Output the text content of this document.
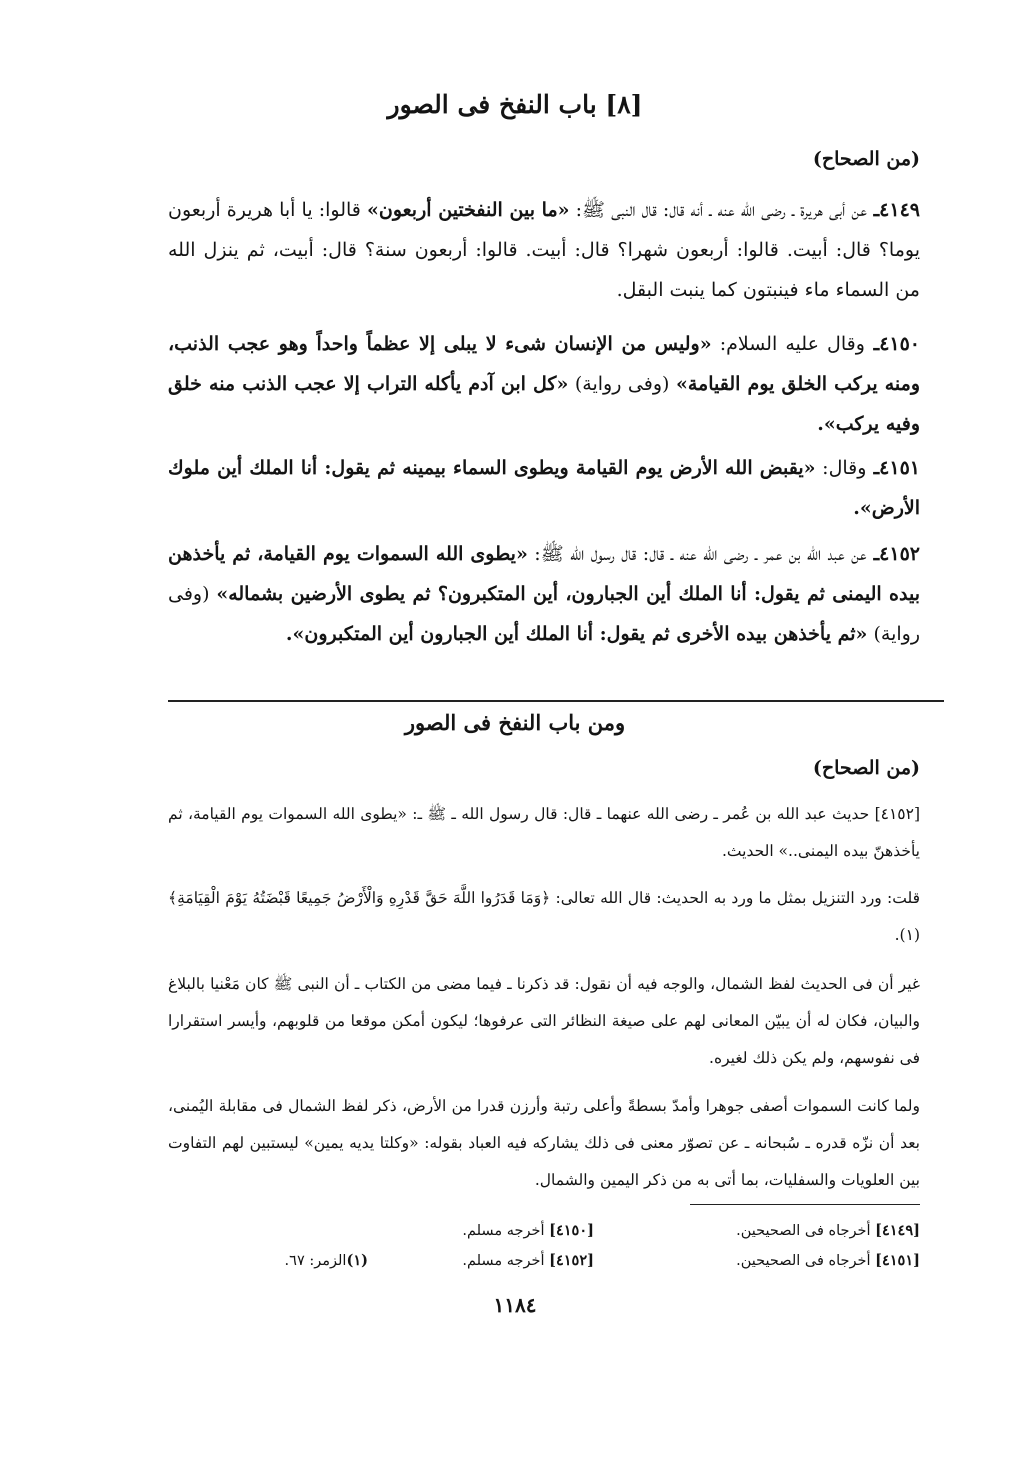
[٨] باب النفخ فى الصور
(من الصحاح)
٤١٤٩ـ عن أبى هريرة ـ رضى الله عنه ـ أنه قال: قال النبى ﷺ: «ما بين النفختين أربعون» قالوا: يا أبا هريرة أربعون يوما؟ قال: أبيت. قالوا: أربعون شهرا؟ قال: أبيت. قالوا: أربعون سنة؟ قال: أبيت، ثم ينزل الله من السماء ماء فينبتون كما ينبت البقل.
٤١٥٠ـ وقال عليه السلام: «وليس من الإنسان شىء لا يبلى إلا عظماً واحداً وهو عجب الذنب، ومنه يركب الخلق يوم القيامة» (وفى رواية) «كل ابن آدم يأكله التراب إلا عجب الذنب منه خلق وفيه يركب».
٤١٥١ـ وقال: «يقبض الله الأرض يوم القيامة ويطوى السماء بيمينه ثم يقول: أنا الملك أين ملوك الأرض».
٤١٥٢ـ عن عبد الله بن عمر ـ رضى الله عنه ـ قال: قال رسول الله ﷺ: «يطوى الله السموات يوم القيامة، ثم يأخذهن بيده اليمنى ثم يقول: أنا الملك أين الجبارون، أين المتكبرون؟ ثم يطوى الأرضين بشماله» (وفى رواية) «ثم يأخذهن بيده الأخرى ثم يقول: أنا الملك أين الجبارون أين المتكبرون».
ومن باب النفخ فى الصور
(من الصحاح)
[٤١٥٢] حديث عبد الله بن عُمر ـ رضى الله عنهما ـ قال: قال رسول الله ـ ﷺ ـ: «يطوى الله السموات يوم القيامة، ثم يأخذهنّ بيده اليمنى..» الحديث.
قلت: ورد التنزيل بمثل ما ورد به الحديث: قال الله تعالى: ﴿وَمَا قَدَرُوا اللَّهَ حَقَّ قَدْرِهِ وَالْأَرْضُ جَمِيعًا قَبْضَتُهُ يَوْمَ الْقِيَامَةِ﴾(١).
غير أن فى الحديث لفظ الشمال، والوجه فيه أن نقول: قد ذكرنا ـ فيما مضى من الكتاب ـ أن النبى ﷺ كان مَعْنيا بالبلاغ والبيان، فكان له أن يبيّن المعانى لهم على صيغة النظائر التى عرفوها؛ ليكون أمكن موقعا من قلوبهم، وأيسر استقرارا فى نفوسهم، ولم يكن ذلك لغيره.
ولما كانت السموات أصفى جوهرا وأمدّ بسطةً وأعلى رتبة وأرزن قدرا من الأرض، ذكر لفظ الشمال فى مقابلة اليُمنى، بعد أن نزّه قدره ـ سُبحانه ـ عن تصوّر معنى فى ذلك يشاركه فيه العباد بقوله: «وكلتا يديه يمين» ليستبين لهم التفاوت بين العلويات والسفليات، بما أتى به من ذكر اليمين والشمال.
[٤١٤٩] أخرجاه فى الصحيحين.
[٤١٥٠] أخرجه مسلم.
[٤١٥١] أخرجاه فى الصحيحين.
[٤١٥٢] أخرجه مسلم.
(١)الزمر: ٦٧.
١١٨٤
